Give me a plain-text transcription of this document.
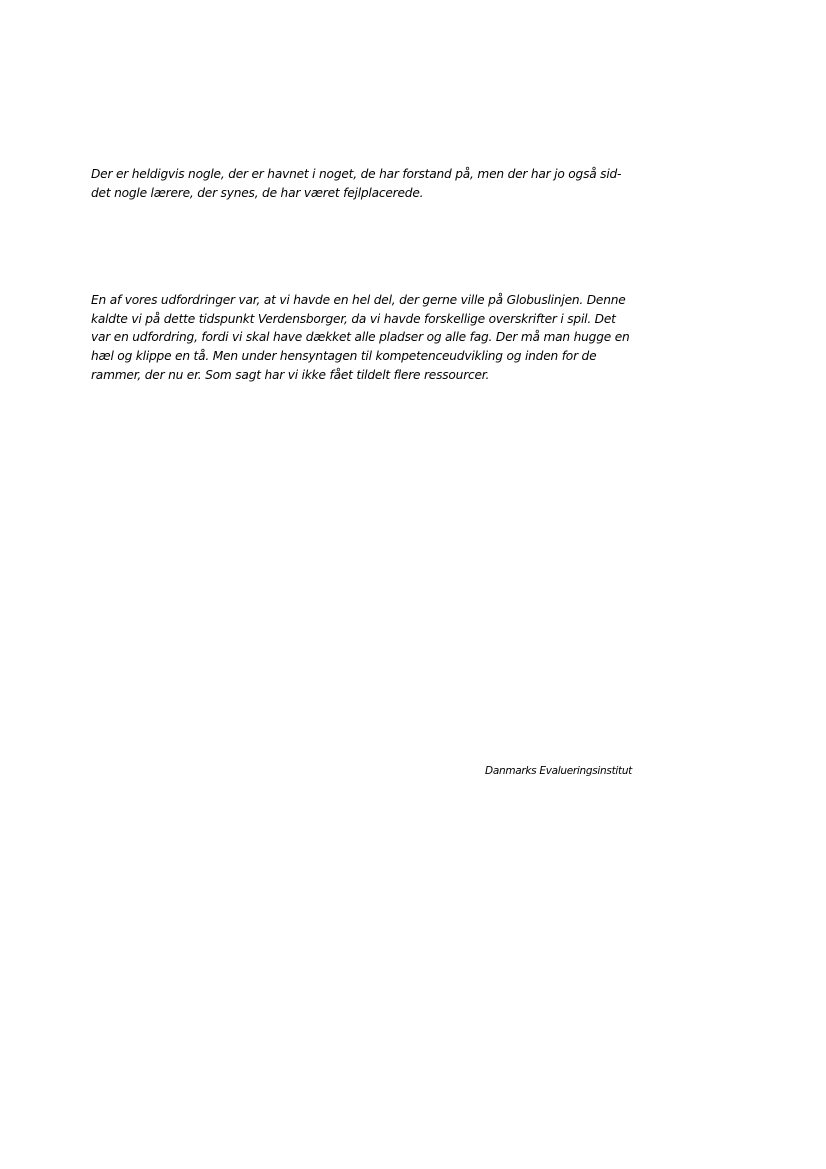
Der er heldigvis nogle, der er havnet i noget, de har forstand på, men der har jo også sid-
det nogle lærere, der synes, de har været fejlplacerede.
En af vores udfordringer var, at vi havde en hel del, der gerne ville på Globuslinjen. Denne
kaldte vi på dette tidspunkt Verdensborger, da vi havde forskellige overskrifter i spil. Det
var en udfordring, fordi vi skal have dækket alle pladser og alle fag. Der må man hugge en
hæl og klippe en tå. Men under hensyntagen til kompetenceudvikling og inden for de
rammer, der nu er. Som sagt har vi ikke fået tildelt flere ressourcer.
Danmarks Evalueringsinstitut
